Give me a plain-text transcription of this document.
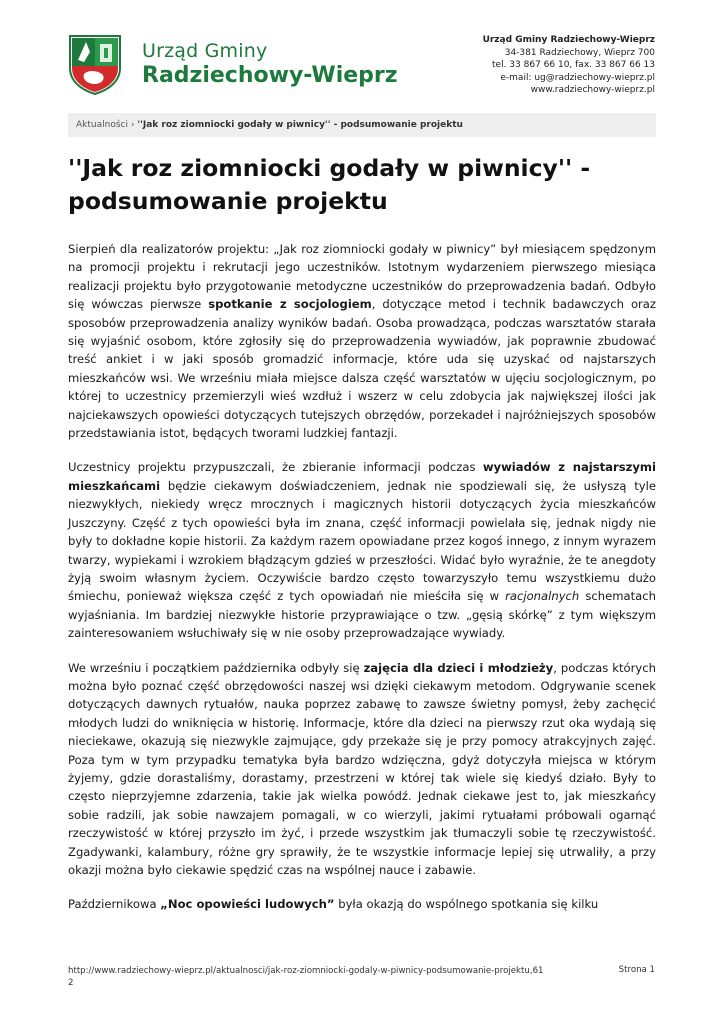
Urząd Gminy
Radziechowy-Wieprz
Urząd Gminy Radziechowy-Wieprz
34-381 Radziechowy, Wieprz 700
tel. 33 867 66 10, fax. 33 867 66 13
e-mail: ug@radziechowy-wieprz.pl
www.radziechowy-wieprz.pl
Aktualności › ''Jak roz ziomniocki godały w piwnicy'' - podsumowanie projektu
''Jak roz ziomniocki godały w piwnicy'' - podsumowanie projektu

Sierpień dla realizatorów projektu: „Jak roz ziomniocki godały w piwnicy” był miesiącem spędzonym na promocji projektu i rekrutacji jego uczestników. Istotnym wydarzeniem pierwszego miesiąca realizacji projektu było przygotowanie metodyczne uczestników do przeprowadzenia badań. Odbyło się wówczas pierwsze spotkanie z socjologiem, dotyczące metod i technik badawczych oraz sposobów przeprowadzenia analizy wyników badań. Osoba prowadząca, podczas warsztatów starała się wyjaśnić osobom, które zgłosiły się do przeprowadzenia wywiadów, jak poprawnie zbudować treść ankiet i w jaki sposób gromadzić informacje, które uda się uzyskać od najstarszych mieszkańców wsi. We wrześniu miała miejsce dalsza część warsztatów w ujęciu socjologicznym, po której to uczestnicy przemierzyli wieś wzdłuż i wszerz w celu zdobycia jak największej ilości jak najciekawszych opowieści dotyczących tutejszych obrzędów, porzekadeł i najróżniejszych sposobów przedstawiania istot, będących tworami ludzkiej fantazji.

Uczestnicy projektu przypuszczali, że zbieranie informacji podczas wywiadów z najstarszymi mieszkańcami będzie ciekawym doświadczeniem, jednak nie spodziewali się, że usłyszą tyle niezwykłych, niekiedy wręcz mrocznych i magicznych historii dotyczących życia mieszkańców Juszczyny. Część z tych opowieści była im znana, część informacji powielała się, jednak nigdy nie były to dokładne kopie historii. Za każdym razem opowiadane przez kogoś innego, z innym wyrazem twarzy, wypiekami i wzrokiem błądzącym gdzieś w przeszłości. Widać było wyraźnie, że te anegdoty żyją swoim własnym życiem. Oczywiście bardzo często towarzyszyło temu wszystkiemu dużo śmiechu, ponieważ większa część z tych opowiadań nie mieściła się w racjonalnych schematach wyjaśniania. Im bardziej niezwykłe historie przyprawiające o tzw. „gęsią skórkę” z tym większym zainteresowaniem wsłuchiwały się w nie osoby przeprowadzające wywiady.

We wrześniu i początkiem października odbyły się zajęcia dla dzieci i młodzieży, podczas których można było poznać część obrzędowości naszej wsi dzięki ciekawym metodom. Odgrywanie scenek dotyczących dawnych rytuałów, nauka poprzez zabawę to zawsze świetny pomysł, żeby zachęcić młodych ludzi do wniknięcia w historię. Informacje, które dla dzieci na pierwszy rzut oka wydają się nieciekawe, okazują się niezwykle zajmujące, gdy przekaże się je przy pomocy atrakcyjnych zajęć. Poza tym w tym przypadku tematyka była bardzo wdzięczna, gdyż dotyczyła miejsca w którym żyjemy, gdzie dorastaliśmy, dorastamy, przestrzeni w której tak wiele się kiedyś działo. Były to często nieprzyjemne zdarzenia, takie jak wielka powódź. Jednak ciekawe jest to, jak mieszkańcy sobie radzili, jak sobie nawzajem pomagali, w co wierzyli, jakimi rytuałami próbowali ogarnąć rzeczywistość w której przyszło im żyć, i przede wszystkim jak tłumaczyli sobie tę rzeczywistość. Zgadywanki, kalambury, różne gry sprawiły, że te wszystkie informacje lepiej się utrwaliły, a przy okazji można było ciekawie spędzić czas na wspólnej nauce i zabawie.

Październikowa „Noc opowieści ludowych” była okazją do wspólnego spotkania się kilku

http://www.radziechowy-wieprz.pl/aktualnosci/jak-roz-ziomniocki-godaly-w-piwnicy-podsumowanie-projektu,612
Strona 1
